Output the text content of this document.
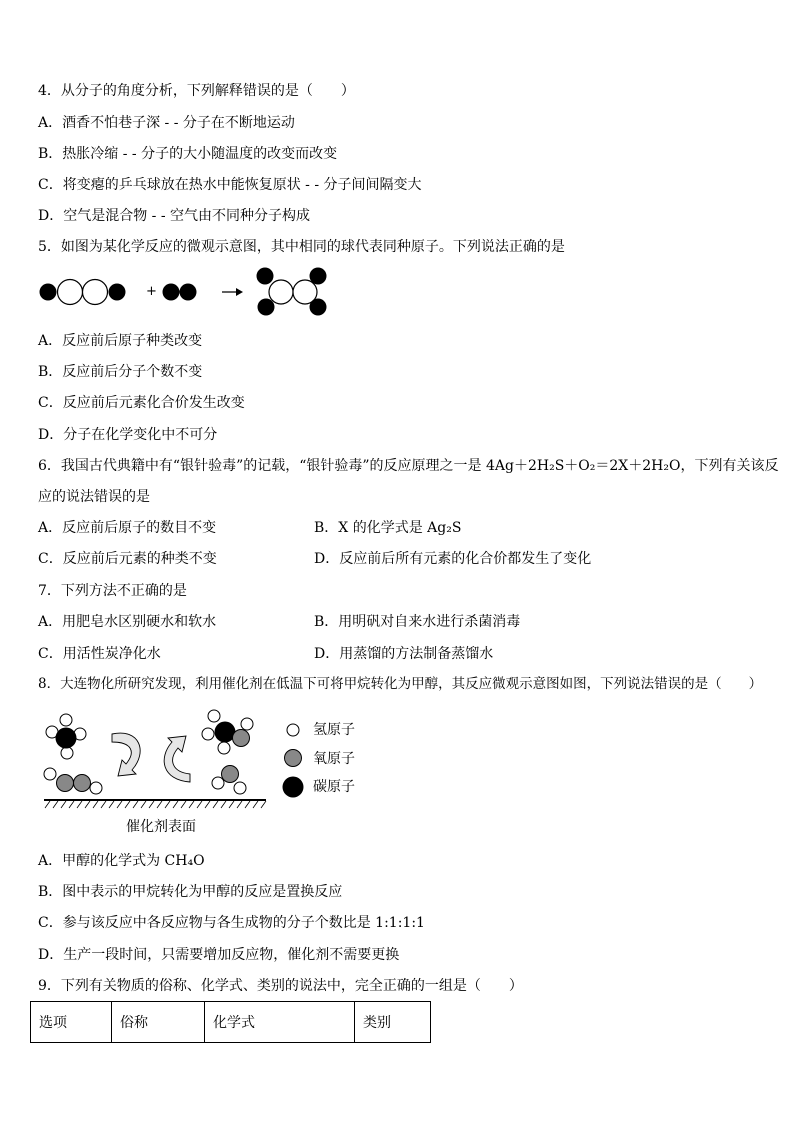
4．从分子的角度分析，下列解释错误的是（　　）
A．酒香不怕巷子深 - - 分子在不断地运动
B．热胀冷缩 - - 分子的大小随温度的改变而改变
C．将变瘪的乒乓球放在热水中能恢复原状 - - 分子间间隔变大
D．空气是混合物 - - 空气由不同种分子构成
5．如图为某化学反应的微观示意图，其中相同的球代表同种原子。下列说法正确的是
+
A．反应前后原子种类改变
B．反应前后分子个数不变
C．反应前后元素化合价发生改变
D．分子在化学变化中不可分
6．我国古代典籍中有“银针验毒”的记载，“银针验毒”的反应原理之一是 4Ag＋2H₂S＋O₂＝2X＋2H₂O，下列有关该反
应的说法错误的是
A．反应前后原子的数目不变	B．X 的化学式是 Ag₂S
C．反应前后元素的种类不变	D．反应前后所有元素的化合价都发生了变化
7．下列方法不正确的是
A．用肥皂水区别硬水和软水	B．用明矾对自来水进行杀菌消毒
C．用活性炭净化水	D．用蒸馏的方法制备蒸馏水
8．大连物化所研究发现，利用催化剂在低温下可将甲烷转化为甲醇，其反应微观示意图如图，下列说法错误的是（　　）
氢原子
氧原子
碳原子
催化剂表面
A．甲醇的化学式为 CH₄O
B．图中表示的甲烷转化为甲醇的反应是置换反应
C．参与该反应中各反应物与各生成物的分子个数比是 1:1:1:1
D．生产一段时间，只需要增加反应物，催化剂不需要更换
9．下列有关物质的俗称、化学式、类别的说法中，完全正确的一组是（　　）
选项	俗称	化学式	类别
